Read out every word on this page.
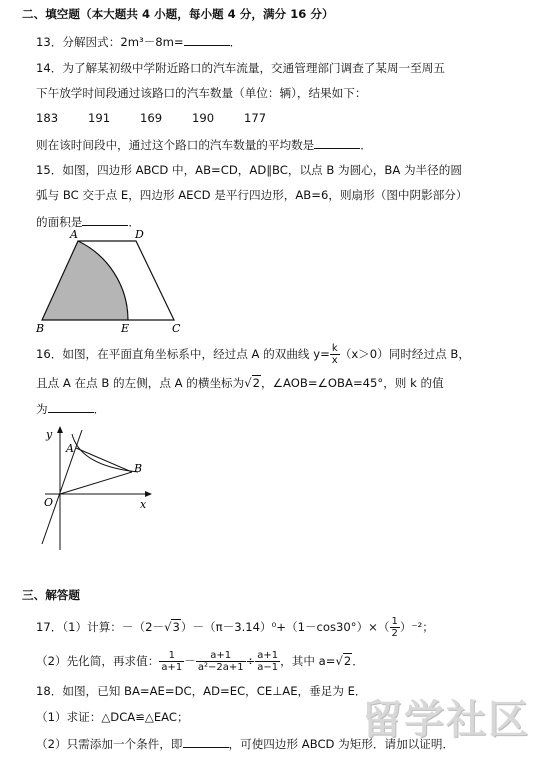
二、填空题（本大题共 4 小题，每小题 4 分，满分 16 分）
13．分解因式：2m³－8m=	．
14．为了解某初级中学附近路口的汽车流量，交通管理部门调查了某周一至周五
下午放学时间段通过该路口的汽车数量（单位：辆），结果如下：
183	191	169	190	177
则在该时间段中，通过这个路口的汽车数量的平均数是	．
15．如图，四边形 ABCD 中，AB=CD，AD∥BC，以点 B 为圆心，BA 为半径的圆
弧与 BC 交于点 E，四边形 AECD 是平行四边形，AB=6，则扇形（图中阴影部分）
的面积是	．
A	D
B	E	C
16．如图，在平面直角坐标系中，经过点 A 的双曲线 $y= \frac{k}{x} (x>0)$同时经过点 B，
且点 A 在点 B 的左侧，点 A 的横坐标为√2，∠AOB=∠OBA=45°，则 k 的值
为	．
y
x
O
A
B
三、解答题
17．（1）计算：$-(2-√3)-(\pi-3.14)^0+(1-\cos 30^\circ)\times( \frac{1}{2} )^{-2}$；
（2）先化简，再求值： $\frac{1}{a+1} - \frac{a+1}{\text{a²−2a+1}} \div \frac{a+1}{a-1}$ ，其中 a=√2．
18．如图，已知 BA=AE=DC，AD=EC，CE⊥AE，垂足为 E．
（1）求证：△DCA≌△EAC；
（2）只需添加一个条件，即	，可使四边形 ABCD 为矩形．请加以证明．
留学社区
